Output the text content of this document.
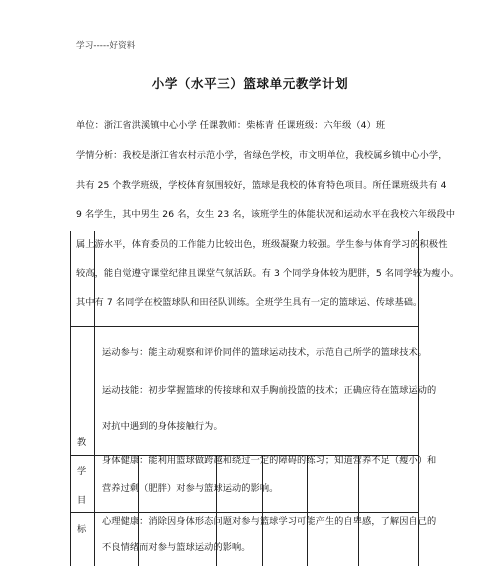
学习-----好资料
小学（水平三）篮球单元教学计划
单位：浙江省洪溪镇中心小学 任课教师：柴栋青 任课班级：六年级（4）班
学情分析：我校是浙江省农村示范小学，省绿色学校，市文明单位，我校属乡镇中心小学，
共有 25 个教学班级，学校体育氛围较好，篮球是我校的体育特色项目。所任课班级共有 4
9 名学生，其中男生 26 名，女生 23 名，该班学生的体能状况和运动水平在我校六年级段中
属上游水平，体育委员的工作能力比较出色，班级凝聚力较强。学生参与体育学习的积极性
较高，能自觉遵守课堂纪律且课堂气氛活跃。有 3 个同学身体较为肥胖，5 名同学较为瘦小。
其中有 7 名同学在校篮球队和田径队训练。全班学生具有一定的篮球运、传球基础。
教
学
目
标
运动参与：能主动观察和评价同伴的篮球运动技术，示范自己所学的篮球技术。
运动技能：初步掌握篮球的传接球和双手胸前投篮的技术；正确应待在篮球运动的
对抗中遇到的身体接触行为。
身体健康：能利用篮球做跨越和绕过一定的障碍的练习；知道营养不足（瘦小）和
营养过剩（肥胖）对参与篮球运动的影响。
心理健康：消除因身体形态问题对参与篮球学习可能产生的自卑感，了解因自己的
不良情绪而对参与篮球运动的影响。
